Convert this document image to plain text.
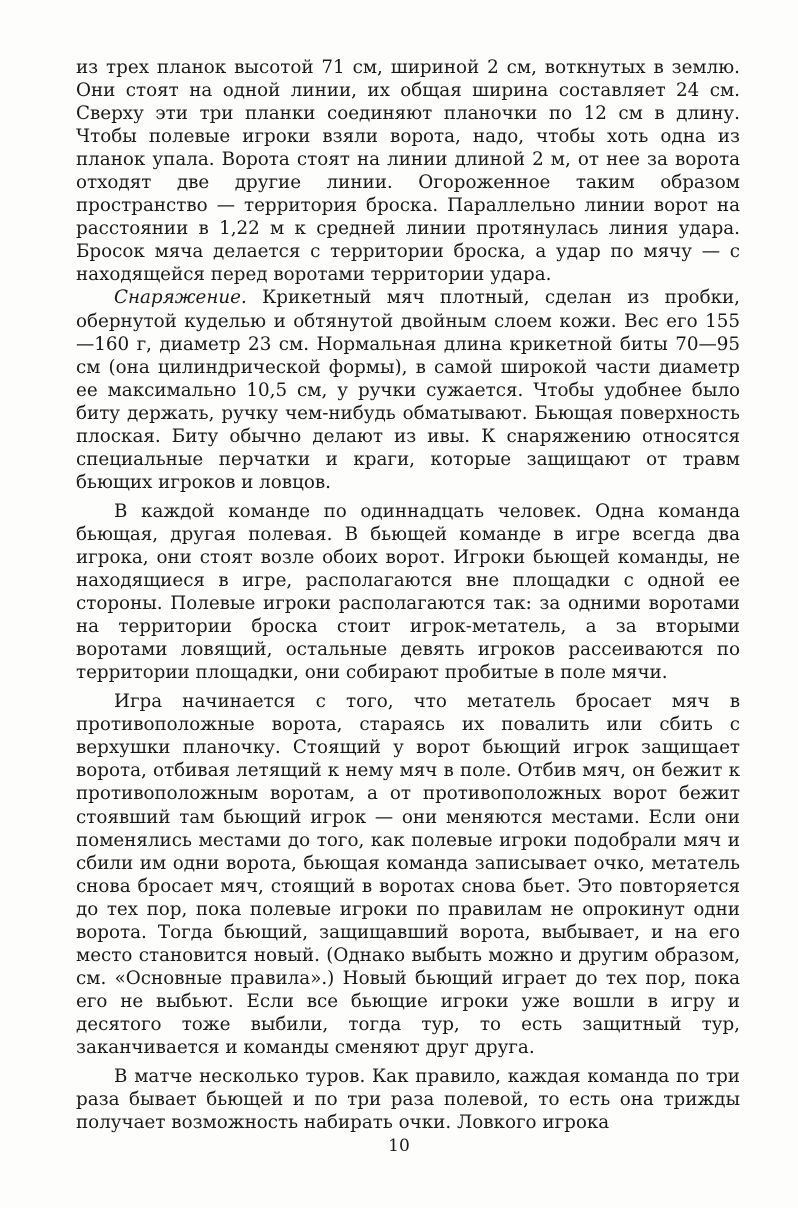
из трех планок высотой 71 см, шириной 2 см, воткнутых в землю. Они стоят на одной линии, их общая ширина составляет 24 см. Сверху эти три планки соединяют планочки по 12 см в длину. Чтобы полевые игроки взяли ворота, надо, чтобы хоть одна из планок упала. Ворота стоят на линии длиной 2 м, от нее за ворота отходят две другие линии. Огороженное таким образом пространство — территория броска. Параллельно линии ворот на расстоянии в 1,22 м к средней линии протянулась линия удара. Бросок мяча делается с территории броска, а удар по мячу — с находящейся перед воротами территории удара.

Снаряжение. Крикетный мяч плотный, сделан из пробки, обернутой куделью и обтянутой двойным слоем кожи. Вес его 155—160 г, диаметр 23 см. Нормальная длина крикетной биты 70—95 см (она цилиндрической формы), в самой широкой части диаметр ее максимально 10,5 см, у ручки сужается. Чтобы удобнее было биту держать, ручку чем-нибудь обматывают. Бьющая поверхность плоская. Биту обычно делают из ивы. К снаряжению относятся специальные перчатки и краги, которые защищают от травм бьющих игроков и ловцов.

В каждой команде по одиннадцать человек. Одна команда бьющая, другая полевая. В бьющей команде в игре всегда два игрока, они стоят возле обоих ворот. Игроки бьющей команды, не находящиеся в игре, располагаются вне площадки с одной ее стороны. Полевые игроки располагаются так: за одними воротами на территории броска стоит игрок-метатель, а за вторыми воротами ловящий, остальные девять игроков рассеиваются по территории площадки, они собирают пробитые в поле мячи.

Игра начинается с того, что метатель бросает мяч в противоположные ворота, стараясь их повалить или сбить с верхушки планочку. Стоящий у ворот бьющий игрок защищает ворота, отбивая летящий к нему мяч в поле. Отбив мяч, он бежит к противоположным воротам, а от противоположных ворот бежит стоявший там бьющий игрок — они меняются местами. Если они поменялись местами до того, как полевые игроки подобрали мяч и сбили им одни ворота, бьющая команда записывает очко, метатель снова бросает мяч, стоящий в воротах снова бьет. Это повторяется до тех пор, пока полевые игроки по правилам не опрокинут одни ворота. Тогда бьющий, защищавший ворота, выбывает, и на его место становится новый. (Однако выбыть можно и другим образом, см. «Основные правила».) Новый бьющий играет до тех пор, пока его не выбьют. Если все бьющие игроки уже вошли в игру и десятого тоже выбили, тогда тур, то есть защитный тур, заканчивается и команды сменяют друг друга.

В матче несколько туров. Как правило, каждая команда по три раза бывает бьющей и по три раза полевой, то есть она трижды получает возможность набирать очки. Ловкого игрока

10
